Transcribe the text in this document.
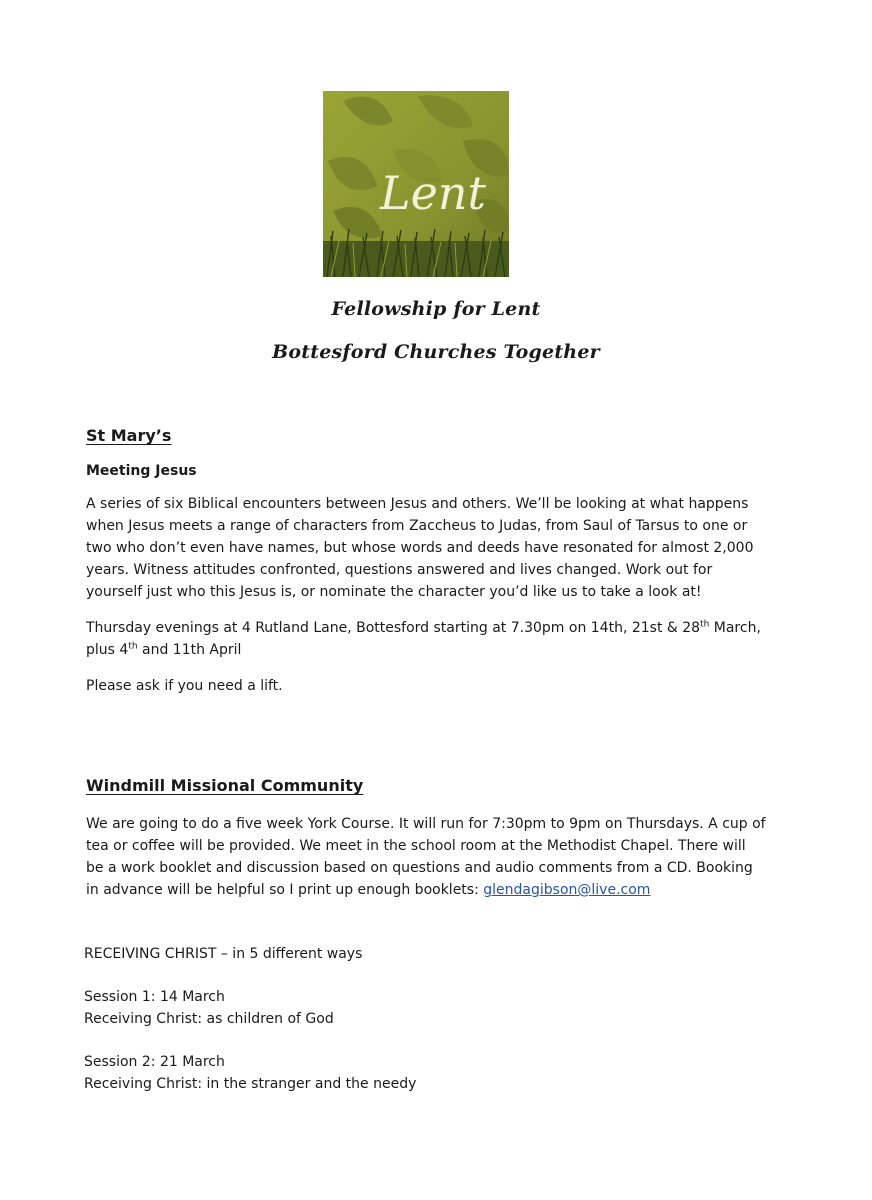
Lent
Fellowship for Lent
Bottesford Churches Together
St Mary’s
Meeting Jesus

A series of six Biblical encounters between Jesus and others. We’ll be looking at what happens when Jesus meets a range of characters from Zaccheus to Judas, from Saul of Tarsus to one or two who don’t even have names, but whose words and deeds have resonated for almost 2,000 years. Witness attitudes confronted, questions answered and lives changed. Work out for yourself just who this Jesus is, or nominate the character you’d like us to take a look at!

Thursday evenings at 4 Rutland Lane, Bottesford starting at 7.30pm on 14th, 21st & 28th March, plus 4th and 11th April

Please ask if you need a lift.

Windmill Missional Community

We are going to do a five week York Course. It will run for 7:30pm to 9pm on Thursdays. A cup of tea or coffee will be provided. We meet in the school room at the Methodist Chapel. There will be a work booklet and discussion based on questions and audio comments from a CD. Booking in advance will be helpful so I print up enough booklets: glendagibson@live.com

RECEIVING CHRIST – in 5 different ways
Session 1: 14 March
Receiving Christ: as children of God
Session 2: 21 March
Receiving Christ: in the stranger and the needy
